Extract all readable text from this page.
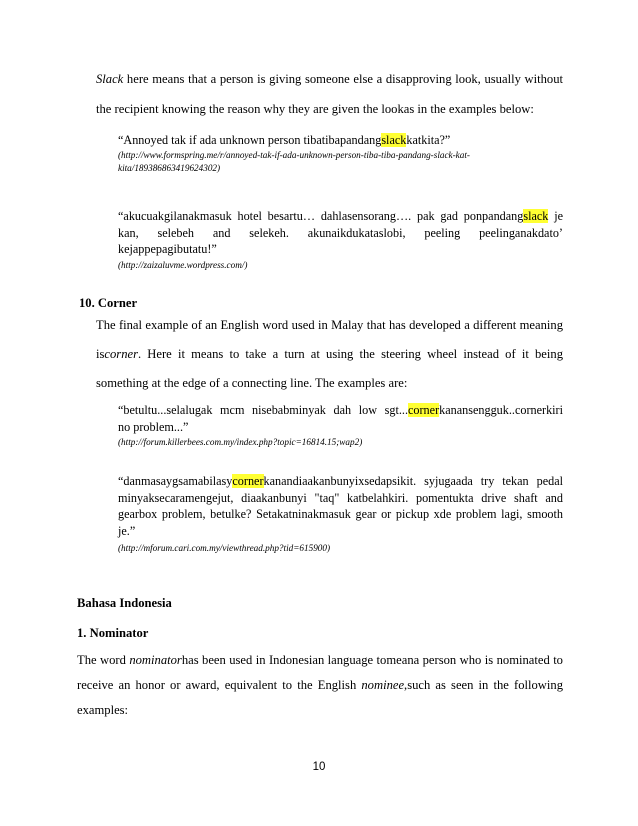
Slack here means that a person is giving someone else a disapproving look, usually without
the recipient knowing the reason why they are given the lookas in the examples below:
“Annoyed tak if ada unknown person tibatibapandangslackkatkita?”
(http://www.formspring.me/r/annoyed-tak-if-ada-unknown-person-tiba-tiba-pandang-slack-kat-
kita/189386863419624302)
“akucuakgilanakmasuk hotel besartu… dahlasensorang…. pak gad ponpandangslack je
kan, selebeh and selekeh. akunaikdukataslobi, peeling peelinganakdato’
kejappepagibutatu!”
(http://zaizaluvme.wordpress.com/)
10. Corner
The final example of an English word used in Malay that has developed a different meaning
iscorner. Here it means to take a turn at using the steering wheel instead of it being
something at the edge of a connecting line. The examples are:
“betultu...selalugak mcm nisebabminyak dah low sgt...cornerkanansengguk..cornerkiri
no problem...”
(http://forum.killerbees.com.my/index.php?topic=16814.15;wap2)
“danmasaygsamabilasycornerkanandiaakanbunyixsedapsikit. syjugaada try tekan pedal
minyaksecaramengejut, diaakanbunyi "taq" katbelahkiri. pomentukta drive shaft and
gearbox problem, betulke? Setakatninakmasuk gear or pickup xde problem lagi, smooth
je.”
(http://mforum.cari.com.my/viewthread.php?tid=615900)
Bahasa Indonesia
1. Nominator
The word nominatorhas been used in Indonesian language tomeana person who is nominated to
receive an honor or award, equivalent to the English nominee,such as seen in the following
examples:
10
